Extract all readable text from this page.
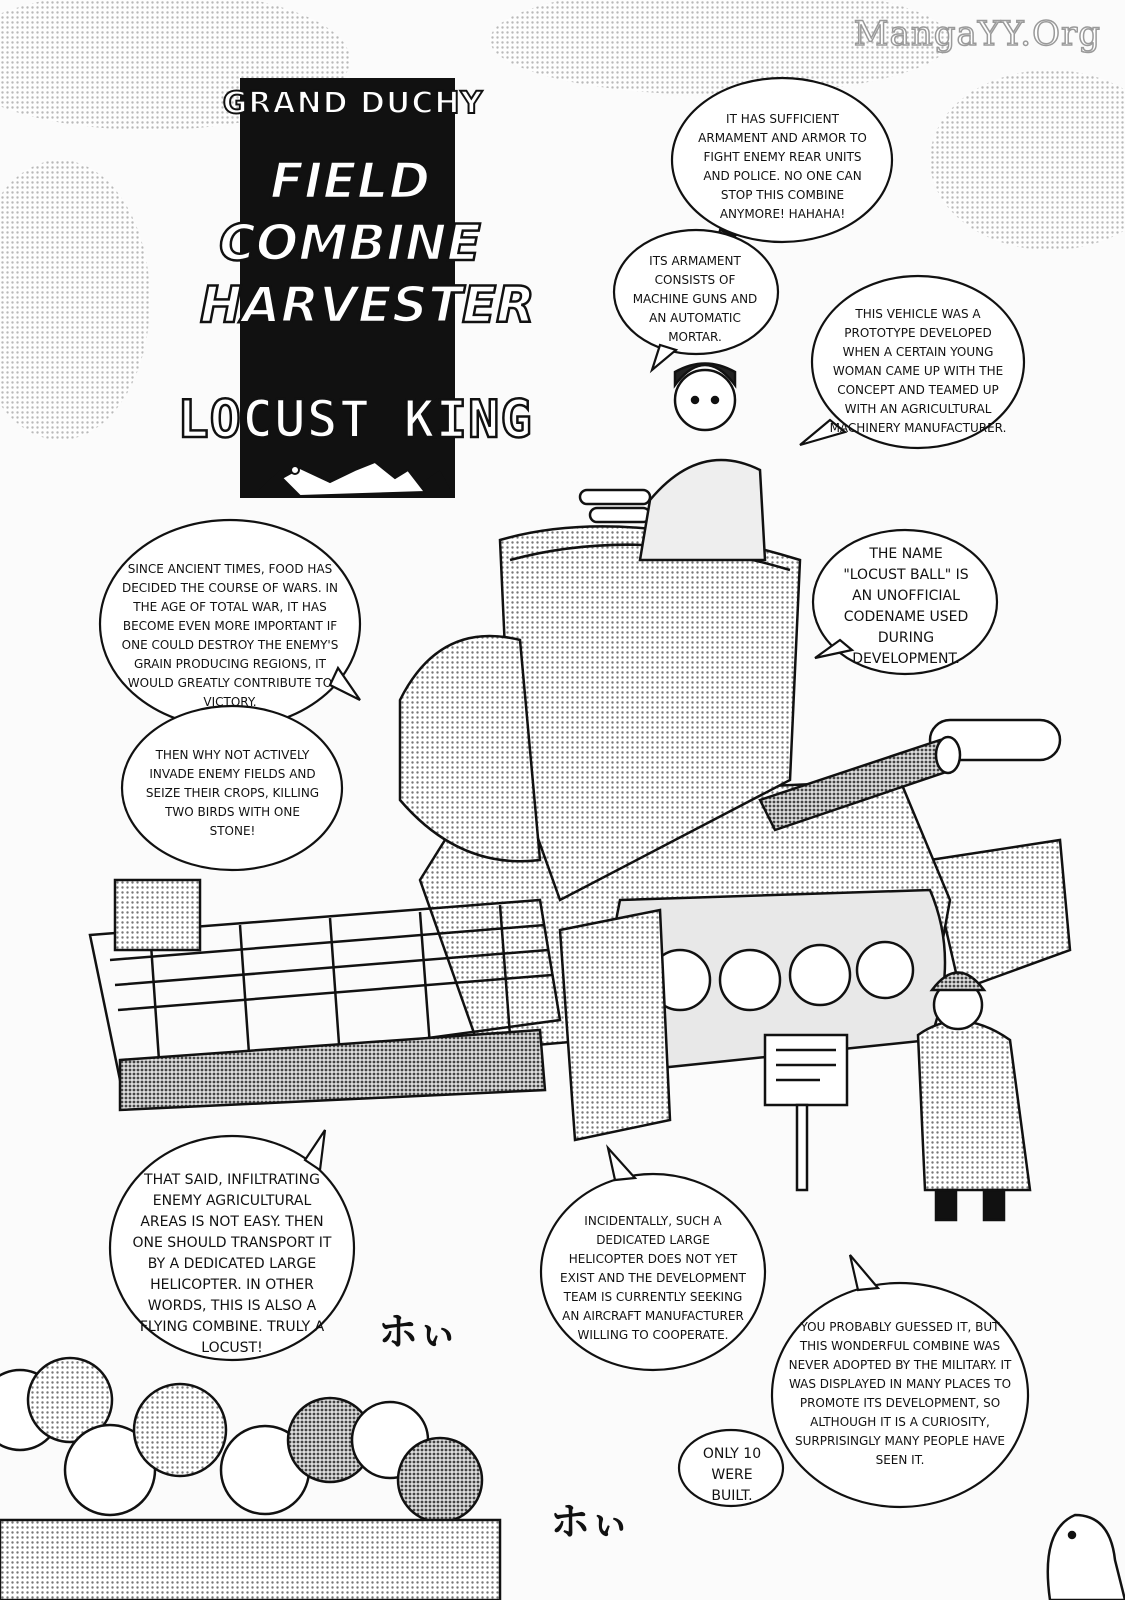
MangaYY.Org
GRAND DUCHY
FIELD
COMBINE
HARVESTER
LOCUST KING
IT HAS SUFFICIENT ARMAMENT AND ARMOR TO FIGHT ENEMY REAR UNITS AND POLICE. NO ONE CAN STOP THIS COMBINE ANYMORE! HAHAHA!
ITS ARMAMENT CONSISTS OF MACHINE GUNS AND AN AUTOMATIC MORTAR.
THIS VEHICLE WAS A PROTOTYPE DEVELOPED WHEN A CERTAIN YOUNG WOMAN CAME UP WITH THE CONCEPT AND TEAMED UP WITH AN AGRICULTURAL MACHINERY MANUFACTURER.
SINCE ANCIENT TIMES, FOOD HAS DECIDED THE COURSE OF WARS. IN THE AGE OF TOTAL WAR, IT HAS BECOME EVEN MORE IMPORTANT IF ONE COULD DESTROY THE ENEMY'S GRAIN PRODUCING REGIONS, IT WOULD GREATLY CONTRIBUTE TO VICTORY.
THE NAME "LOCUST BALL" IS AN UNOFFICIAL CODENAME USED DURING DEVELOPMENT.
THEN WHY NOT ACTIVELY INVADE ENEMY FIELDS AND SEIZE THEIR CROPS, KILLING TWO BIRDS WITH ONE STONE!
THAT SAID, INFILTRATING ENEMY AGRICULTURAL AREAS IS NOT EASY. THEN ONE SHOULD TRANSPORT IT BY A DEDICATED LARGE HELICOPTER. IN OTHER WORDS, THIS IS ALSO A FLYING COMBINE. TRULY A LOCUST!
INCIDENTALLY, SUCH A DEDICATED LARGE HELICOPTER DOES NOT YET EXIST AND THE DEVELOPMENT TEAM IS CURRENTLY SEEKING AN AIRCRAFT MANUFACTURER WILLING TO COOPERATE.
YOU PROBABLY GUESSED IT, BUT THIS WONDERFUL COMBINE WAS NEVER ADOPTED BY THE MILITARY. IT WAS DISPLAYED IN MANY PLACES TO PROMOTE ITS DEVELOPMENT, SO ALTHOUGH IT IS A CURIOSITY, SURPRISINGLY MANY PEOPLE HAVE SEEN IT.
ONLY 10 WERE BUILT.
ホぃ
ホぃ
